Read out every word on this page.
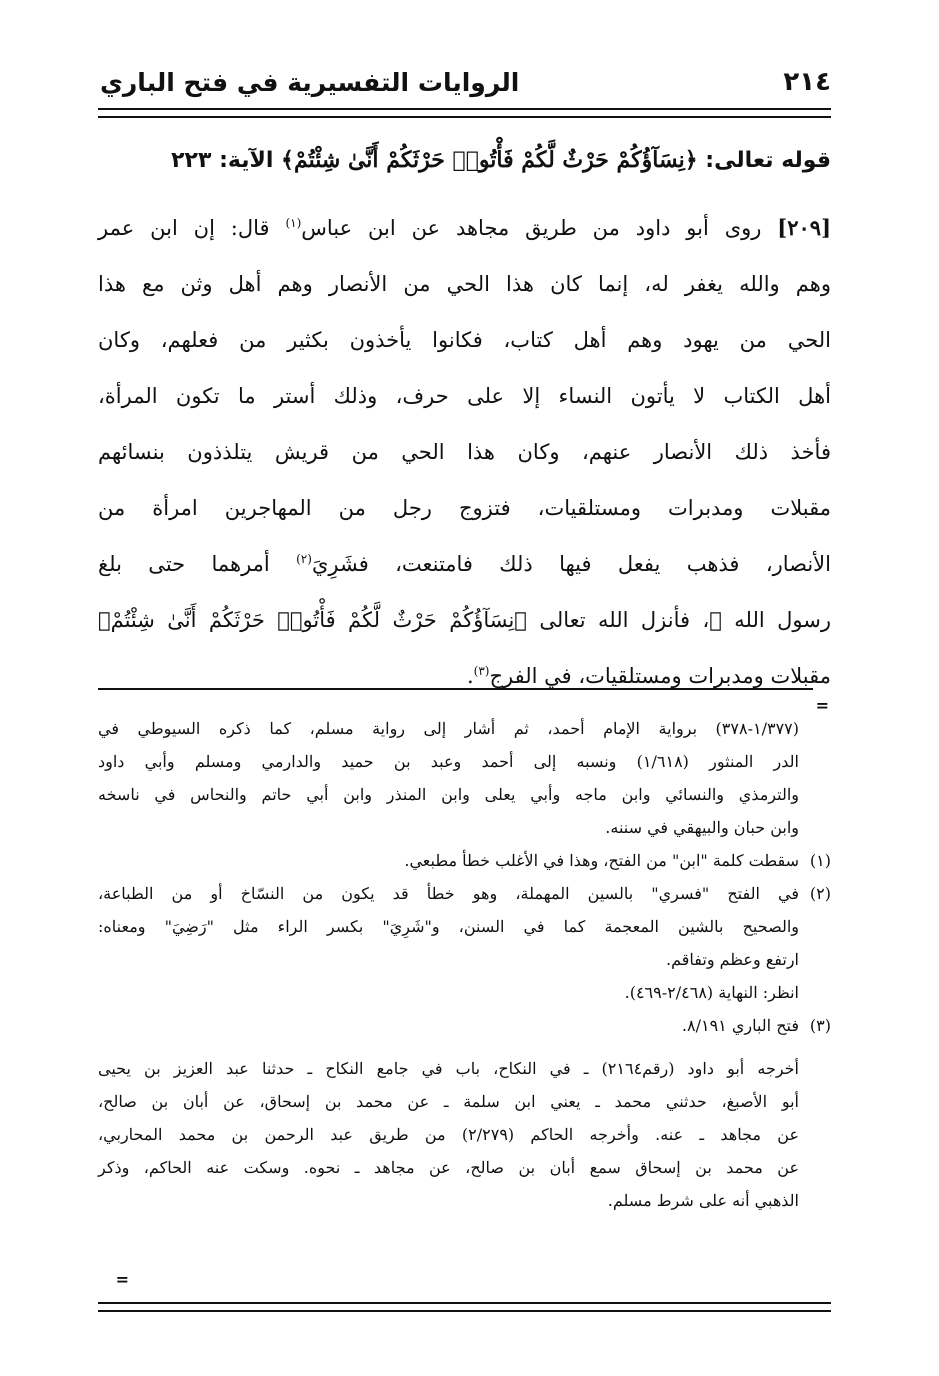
٢١٤
الروايات التفسيرية في فتح الباري
قوله تعالى: ﴿نِسَآؤُكُمْ حَرْثٌ لَّكُمْ فَأْتُوا۟ حَرْثَكُمْ أَنَّىٰ شِئْتُمْ﴾ الآية: ٢٢٣
[٢٠٩] روى أبو داود من طريق مجاهد عن ابن عباس$^{(١)}$ قال: إن ابن عمر
وهم والله يغفر له، إنما كان هذا الحي من الأنصار وهم أهل وثن مع هذا
الحي من يهود وهم أهل كتاب، فكانوا يأخذون بكثير من فعلهم، وكان
أهل الكتاب لا يأتون النساء إلا على حرف، وذلك أستر ما تكون المرأة،
فأخذ ذلك الأنصار عنهم، وكان هذا الحي من قريش يتلذذون بنسائهم
مقبلات ومدبرات ومستلقيات، فتزوج رجل من المهاجرين امرأة من
الأنصار، فذهب يفعل فيها ذلك فامتنعت، فشَرِيَ$^{(٢)}$ أمرهما حتى بلغ
رسول الله ﷺ، فأنزل الله تعالى ﴿نِسَآؤُكُمْ حَرْثٌ لَّكُمْ فَأْتُوا۟ حَرْثَكُمْ أَنَّىٰ شِئْتُمْ﴾
مقبلات ومدبرات ومستلقيات، في الفرج$^{(٣)}$.
=
(١/٣٧٧-٣٧٨) برواية الإمام أحمد، ثم أشار إلى رواية مسلم، كما ذكره السيوطي في
الدر المنثور (١/٦١٨) ونسبه إلى أحمد وعبد بن حميد والدارمي ومسلم وأبي داود
والترمذي والنسائي وابن ماجه وأبي يعلى وابن المنذر وابن أبي حاتم والنحاس في ناسخه
وابن حبان والبيهقي في سننه.
(١)سقطت كلمة "ابن" من الفتح، وهذا في الأغلب خطأ مطبعي.
(٢)في الفتح "فسري" بالسين المهملة، وهو خطأ قد يكون من النسّاخ أو من الطباعة،
والصحيح بالشين المعجمة كما في السنن، و"شَرِيَ" بكسر الراء مثل "رَضِيَ" ومعناه:
ارتفع وعظم وتفاقم.
انظر: النهاية (٢/٤٦٨-٤٦٩).
(٣)فتح الباري ٨/١٩١.
أخرجه أبو داود (رقم٢١٦٤) ـ في النكاح، باب في جامع النكاح ـ حدثنا عبد العزيز بن يحيى
أبو الأصبغ، حدثني محمد ـ يعني ابن سلمة ـ عن محمد بن إسحاق، عن أبان بن صالح،
عن مجاهد ـ عنه. وأخرجه الحاكم (٢/٢٧٩) من طريق عبد الرحمن بن محمد المحاربي،
عن محمد بن إسحاق سمع أبان بن صالح، عن مجاهد ـ نحوه. وسكت عنه الحاكم، وذكر
الذهبي أنه على شرط مسلم.
=
